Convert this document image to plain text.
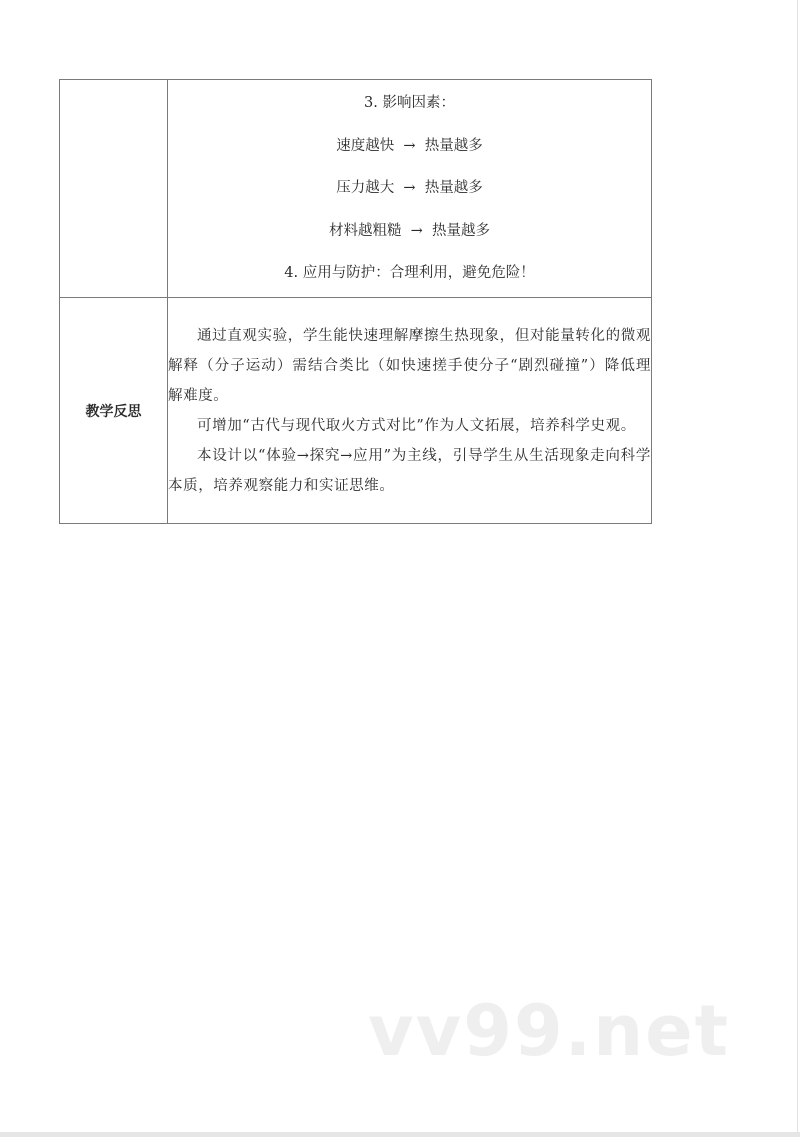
	3. 影响因素：
速度越快  →  热量越多
压力越大  →  热量越多
材料越粗糙  →  热量越多
4. 应用与防护：合理利用，避免危险！

教学反思	通过直观实验，学生能快速理解摩擦生热现象，但对能量转化的微观解释（分子运动）需结合类比（如快速搓手使分子“剧烈碰撞”）降低理解难度。

可增加“古代与现代取火方式对比”作为人文拓展，培养科学史观。

本设计以“体验→探究→应用”为主线，引导学生从生活现象走向科学本质，培养观察能力和实证思维。

vv99.net
